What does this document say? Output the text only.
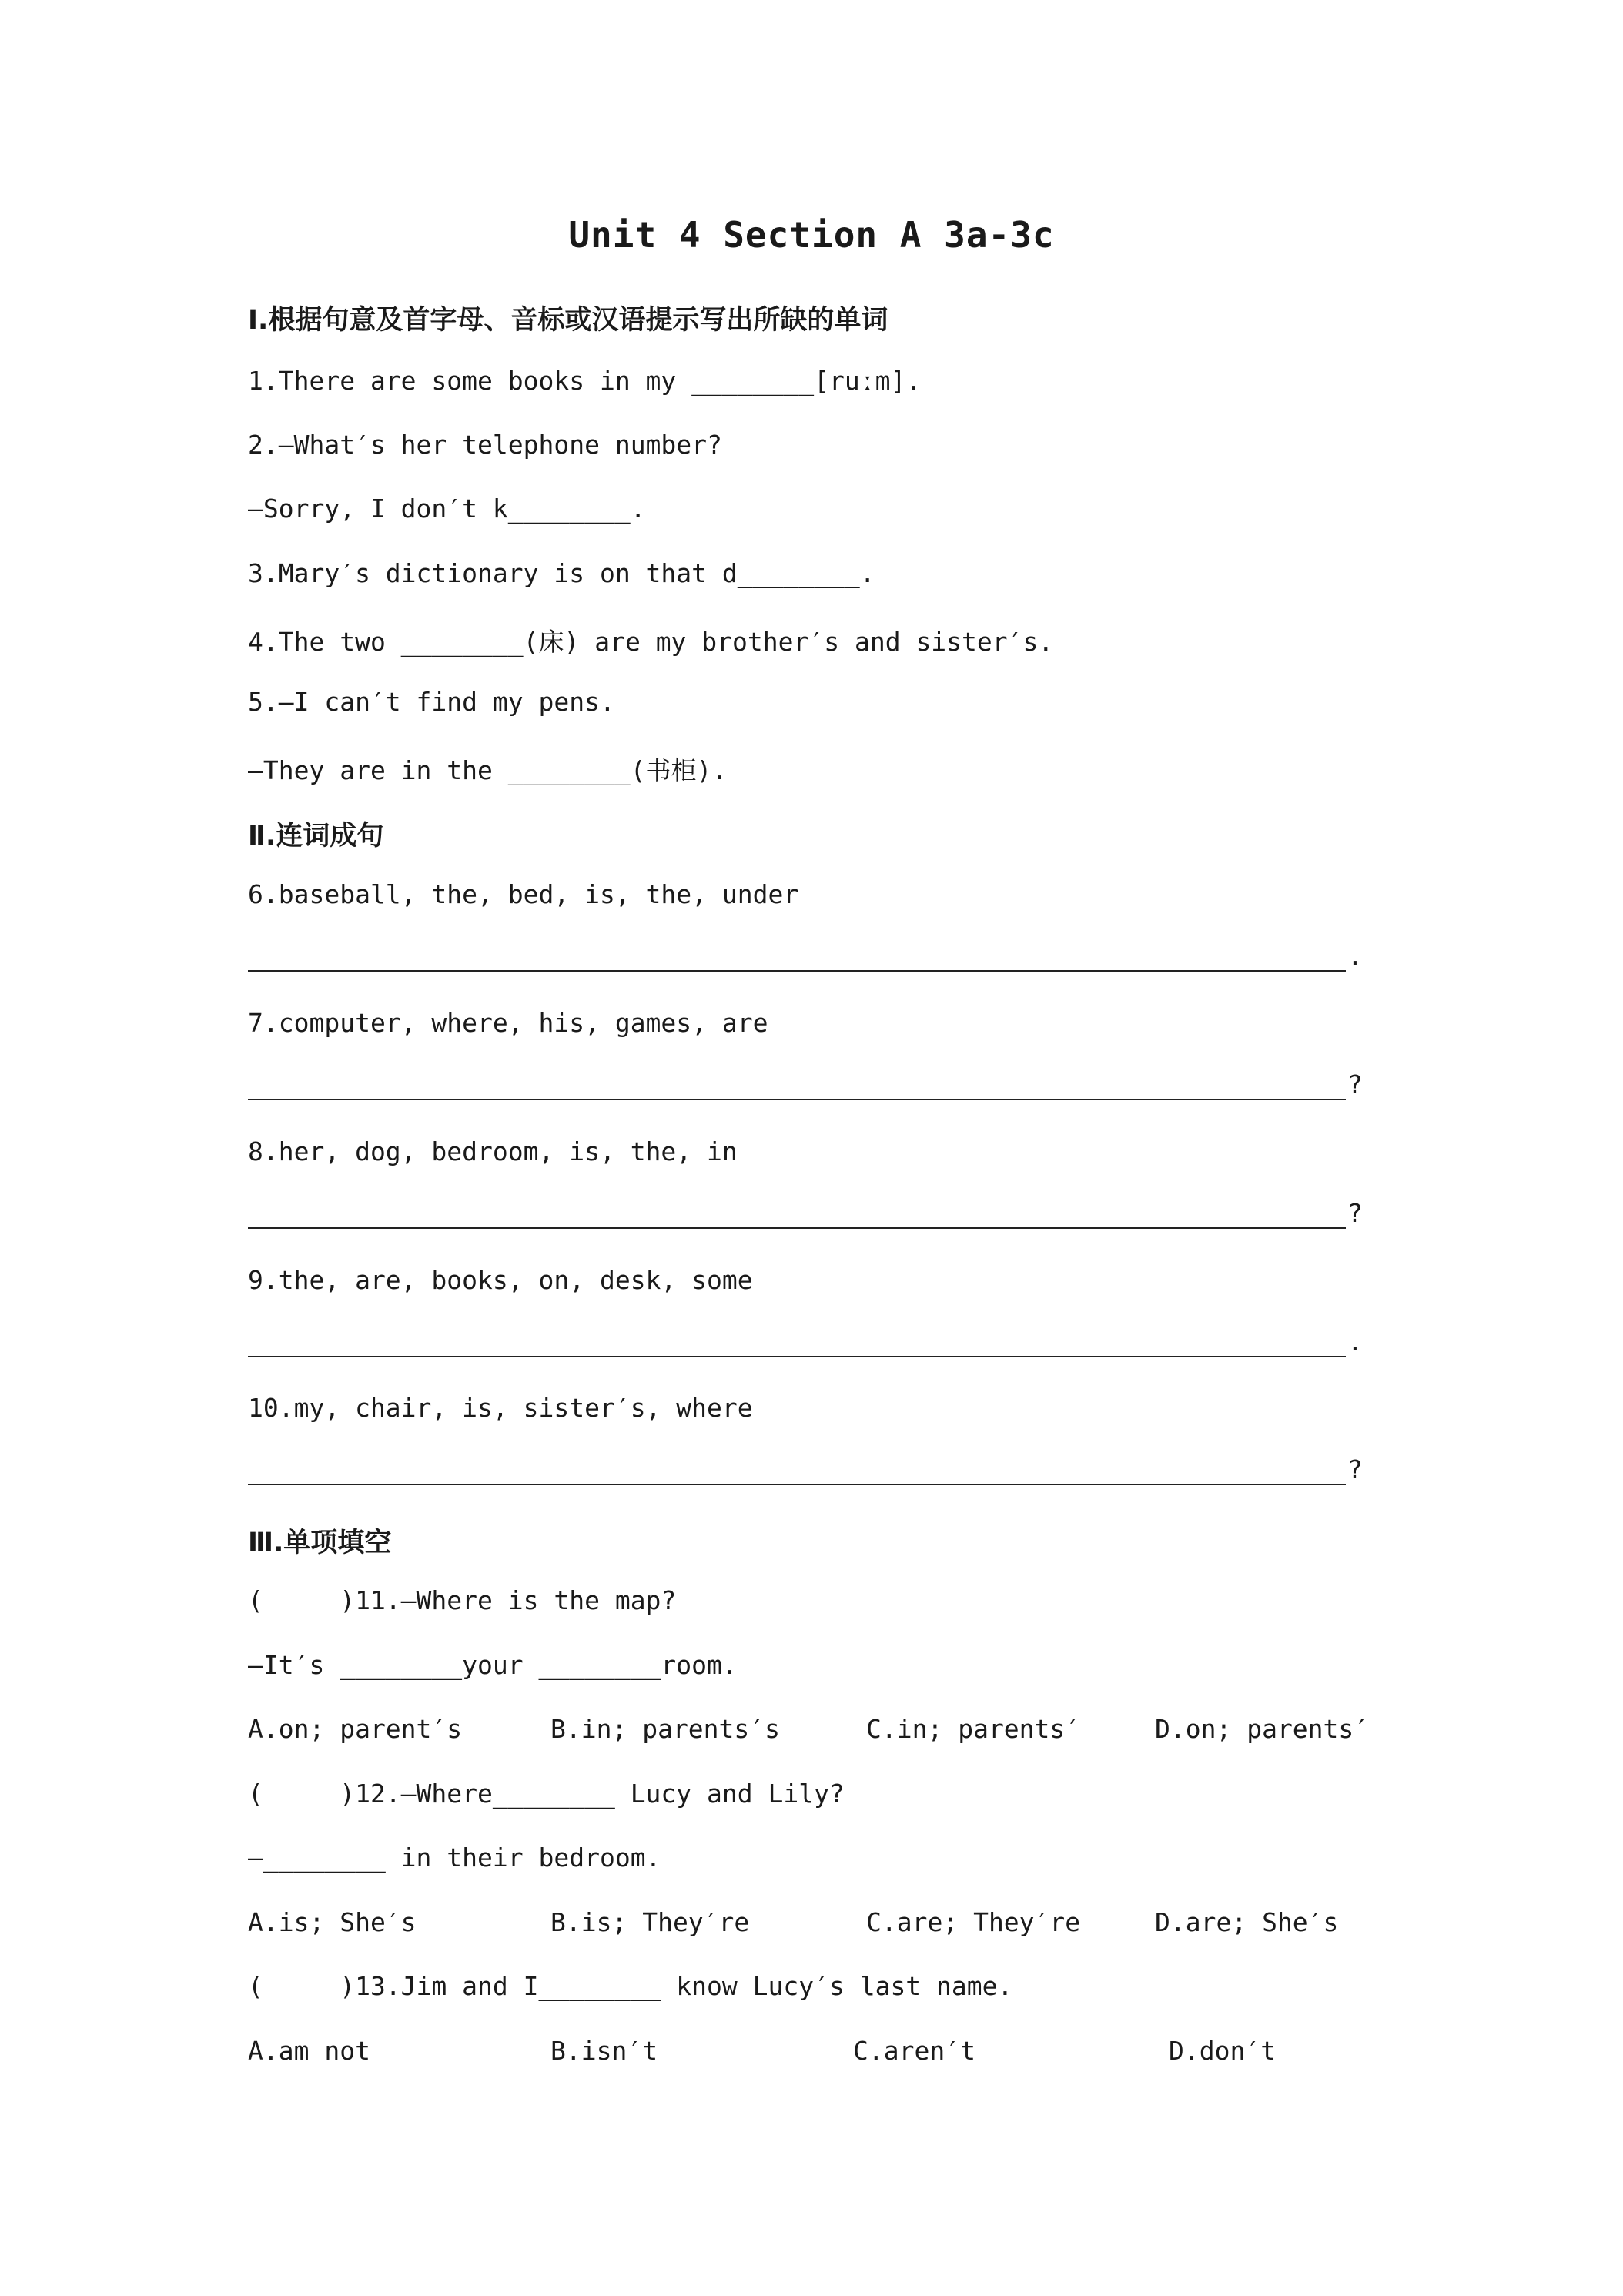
Unit 4 Section A 3a-3c
Ⅰ.根据句意及首字母、音标或汉语提示写出所缺的单词
1.There are some books in my ________[ruːm].
2.—What′s her telephone number?
—Sorry, I don′t k________.
3.Mary′s dictionary is on that d________.
4.The two ________(床) are my brother′s and sister′s.
5.—I can′t find my pens.
—They are in the ________(书柜).
Ⅱ.连词成句
6.baseball, the, bed, is, the, under
.
7.computer, where, his, games, are
?
8.her, dog, bedroom, is, the, in
?
9.the, are, books, on, desk, some
.
10.my, chair, is, sister′s, where
?
Ⅲ.单项填空
(     )11.—Where is the map?
—It′s ________your ________room.
A.on; parent′s	B.in; parents′s	C.in; parents′	D.on; parents′
(     )12.—Where________ Lucy and Lily?
—________ in their bedroom.
A.is; She′s	B.is; They′re	C.are; They′re	D.are; She′s
(     )13.Jim and I________ know Lucy′s last name.
A.am not	B.isn′t	C.aren′t	D.don′t
